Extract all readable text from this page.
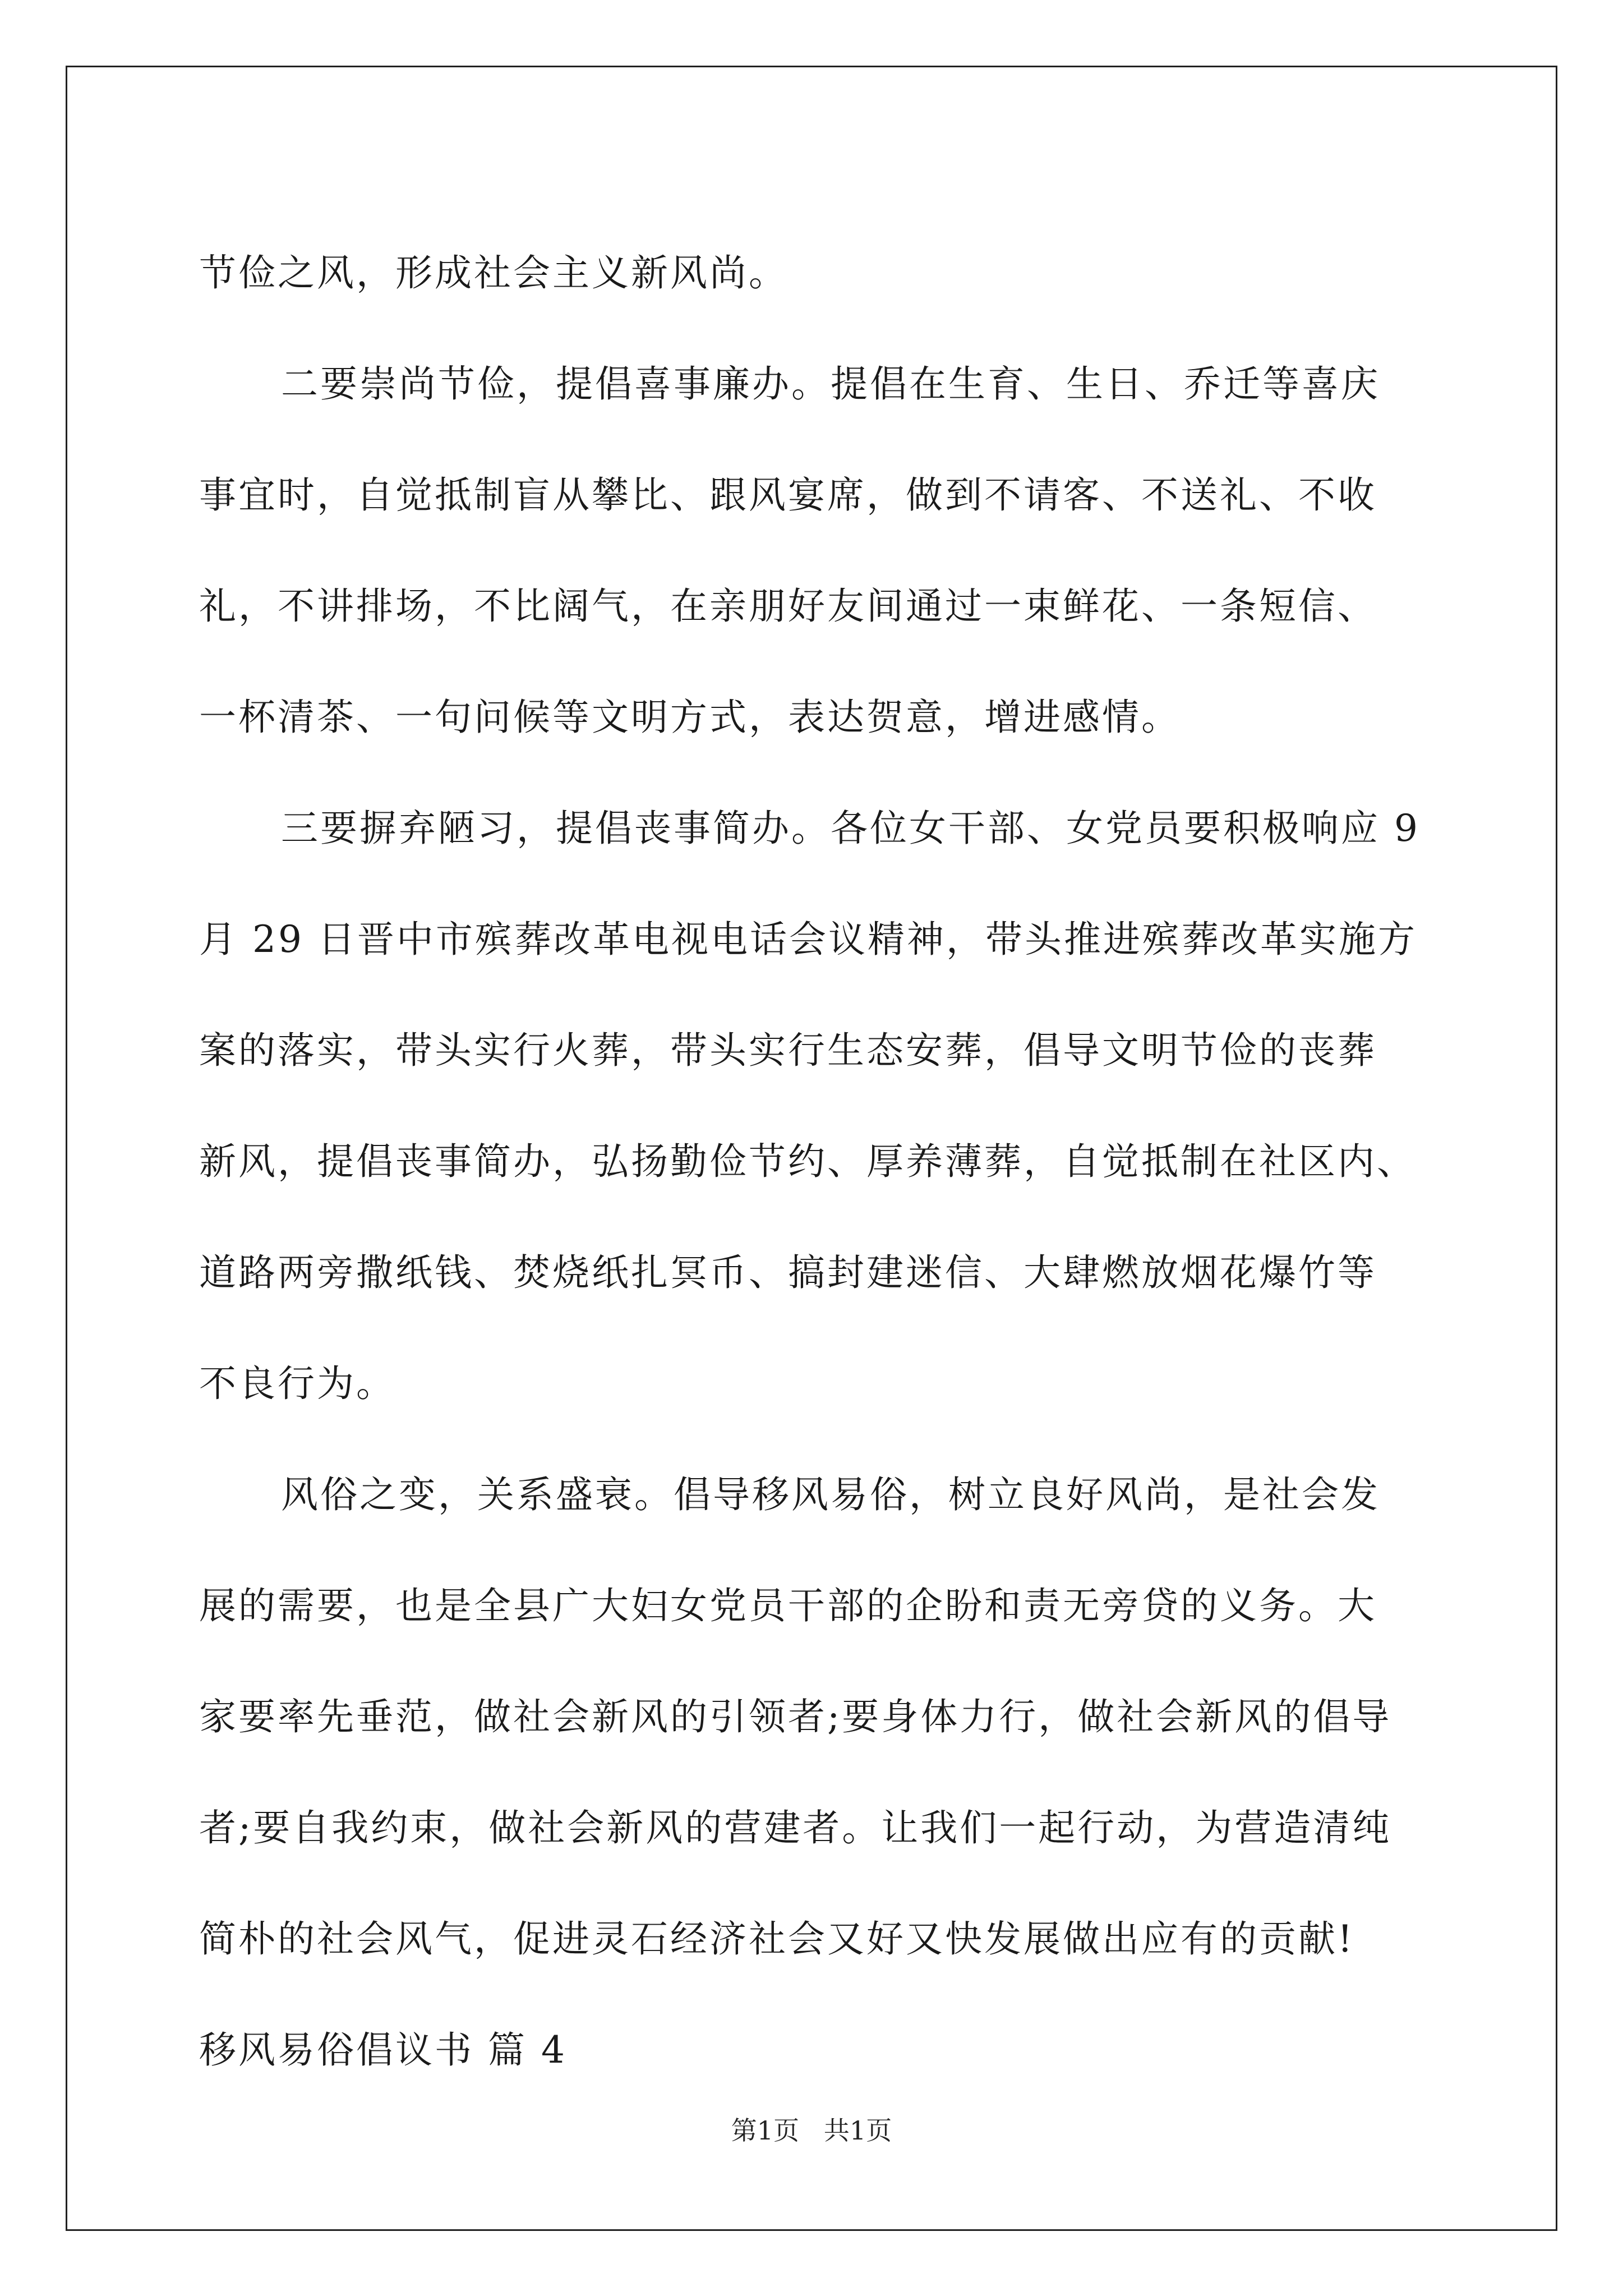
节俭之风，形成社会主义新风尚。
二要崇尚节俭，提倡喜事廉办。提倡在生育、生日、乔迁等喜庆
事宜时，自觉抵制盲从攀比、跟风宴席，做到不请客、不送礼、不收
礼，不讲排场，不比阔气，在亲朋好友间通过一束鲜花、一条短信、
一杯清茶、一句问候等文明方式，表达贺意，增进感情。
三要摒弃陋习，提倡丧事简办。各位女干部、女党员要积极响应 9
月 29 日晋中市殡葬改革电视电话会议精神，带头推进殡葬改革实施方
案的落实，带头实行火葬，带头实行生态安葬，倡导文明节俭的丧葬
新风，提倡丧事简办，弘扬勤俭节约、厚养薄葬，自觉抵制在社区内、
道路两旁撒纸钱、焚烧纸扎冥币、搞封建迷信、大肆燃放烟花爆竹等
不良行为。
风俗之变，关系盛衰。倡导移风易俗，树立良好风尚，是社会发
展的需要，也是全县广大妇女党员干部的企盼和责无旁贷的义务。大
家要率先垂范，做社会新风的引领者;要身体力行，做社会新风的倡导
者;要自我约束，做社会新风的营建者。让我们一起行动，为营造清纯
简朴的社会风气，促进灵石经济社会又好又快发展做出应有的贡献!
移风易俗倡议书 篇 4
第1页   共1页
